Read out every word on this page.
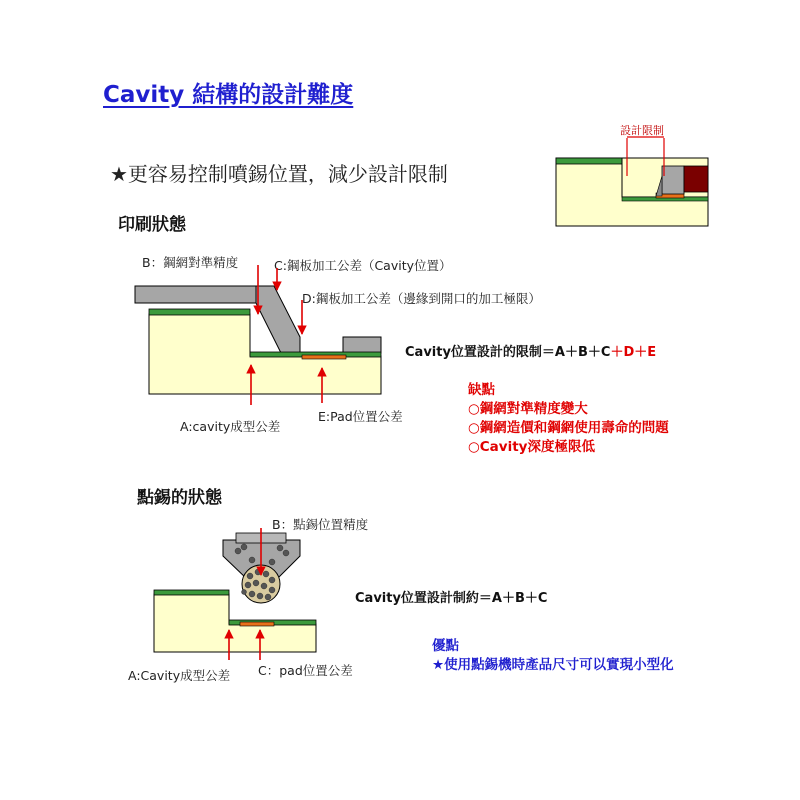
Cavity 結構的設計難度
★更容易控制噴錫位置，減少設計限制
設計限制
印刷狀態
B：鋼網對準精度	C:鋼板加工公差（Cavity位置）
D:鋼板加工公差（邊緣到開口的加工極限）
A:cavity成型公差
E:Pad位置公差
Cavity位置設計的限制＝A＋B＋C＋D＋E
缺點
○鋼網對準精度變大
○鋼網造價和鋼網使用壽命的問題
○Cavity深度極限低
點錫的狀態
B：點錫位置精度
Cavity位置設計制約＝A＋B＋C
A:Cavity成型公差 C：pad位置公差
優點
★使用點錫機時產品尺寸可以實現小型化
